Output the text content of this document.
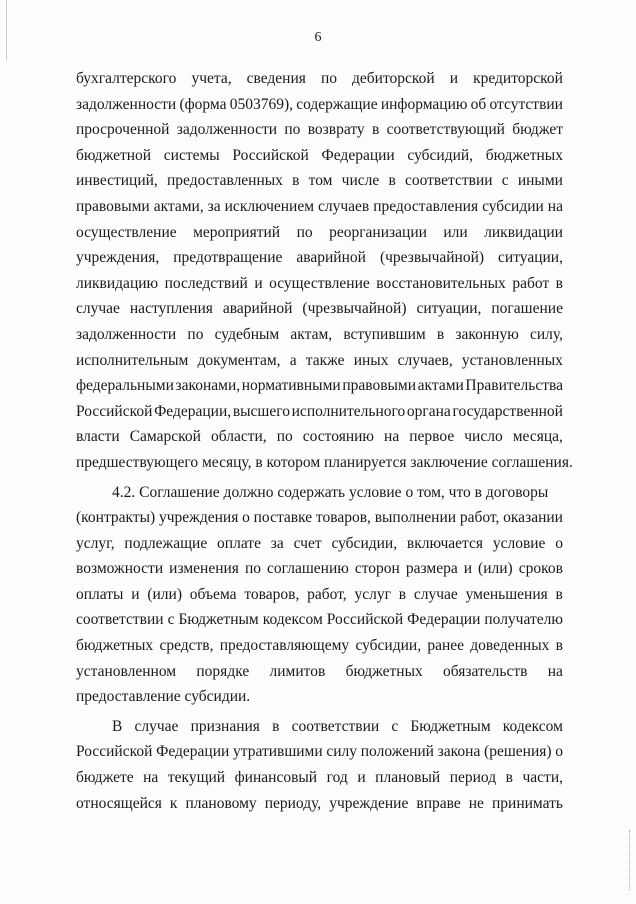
6
бухгалтерского учета, сведения по дебиторской и кредиторской
задолженности (форма 0503769), содержащие информацию об отсутствии
просроченной задолженности по возврату в соответствующий бюджет
бюджетной системы Российской Федерации субсидий, бюджетных
инвестиций, предоставленных в том числе в соответствии с иными
правовыми актами, за исключением случаев предоставления субсидии на
осуществление мероприятий по реорганизации или ликвидации
учреждения, предотвращение аварийной (чрезвычайной) ситуации,
ликвидацию последствий и осуществление восстановительных работ в
случае наступления аварийной (чрезвычайной) ситуации, погашение
задолженности по судебным актам, вступившим в законную силу,
исполнительным документам, а также иных случаев, установленных
федеральными законами, нормативными правовыми актами Правительства
Российской Федерации, высшего исполнительного органа государственной
власти Самарской области, по состоянию на первое число месяца,
предшествующего месяцу, в котором планируется заключение соглашения.
4.2. Соглашение должно содержать условие о том, что в договоры
(контракты) учреждения о поставке товаров, выполнении работ, оказании
услуг, подлежащие оплате за счет субсидии, включается условие о
возможности изменения по соглашению сторон размера и (или) сроков
оплаты и (или) объема товаров, работ, услуг в случае уменьшения в
соответствии с Бюджетным кодексом Российской Федерации получателю
бюджетных средств, предоставляющему субсидии, ранее доведенных в
установленном порядке лимитов бюджетных обязательств на
предоставление субсидии.
В случае признания в соответствии с Бюджетным кодексом
Российской Федерации утратившими силу положений закона (решения) о
бюджете на текущий финансовый год и плановый период в части,
относящейся к плановому периоду, учреждение вправе не принимать
